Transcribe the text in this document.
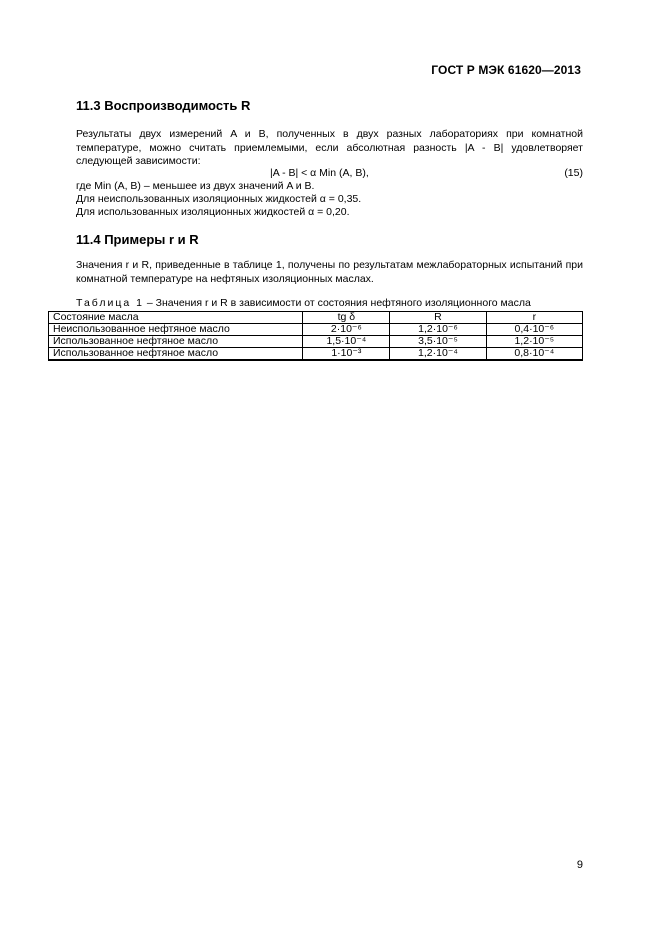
ГОСТ Р МЭК 61620—2013
11.3 Воспроизводимость R
Результаты двух измерений A и B, полученных в двух разных лабораториях при комнатной температуре, можно считать приемлемыми, если абсолютная разность |A - B| удовлетворяет следующей зависимости:
|A - B| < α Min (A, B),	(15)
где Min (A, B) – меньшее из двух значений A и B.
Для неиспользованных изоляционных жидкостей α = 0,35.
Для использованных изоляционных жидкостей α = 0,20.
11.4 Примеры r и R
Значения r и R, приведенные в таблице 1, получены по результатам межлабораторных испытаний при комнатной температуре на нефтяных изоляционных маслах.
Таблица 1 – Значения r и R в зависимости от состояния нефтяного изоляционного масла
Состояние масла	tg δ	R	r
Неиспользованное нефтяное масло	2·10⁻⁶	1,2·10⁻⁶	0,4·10⁻⁶
Использованное нефтяное масло	1,5·10⁻⁴	3,5·10⁻⁵	1,2·10⁻⁵
Использованное нефтяное масло	1·10⁻³	1,2·10⁻⁴	0,8·10⁻⁴
9
